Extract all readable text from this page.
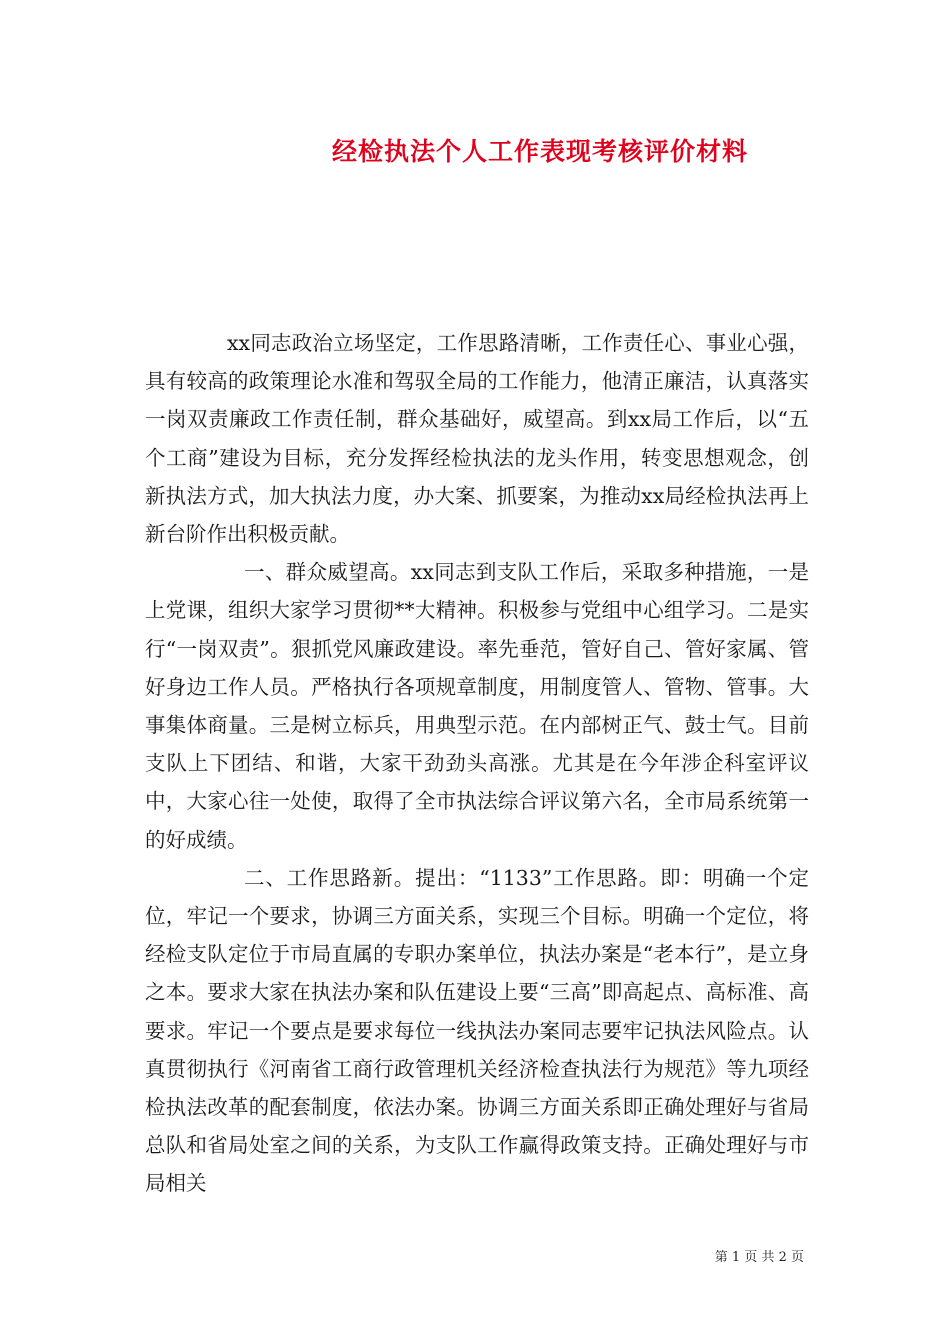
经检执法个人工作表现考核评价材料

xx同志政治立场坚定，工作思路清晰，工作责任心、事业心强，具有较高的政策理论水准和驾驭全局的工作能力，他清正廉洁，认真落实一岗双责廉政工作责任制，群众基础好，威望高。到xx局工作后，以“五个工商”建设为目标，充分发挥经检执法的龙头作用，转变思想观念，创新执法方式，加大执法力度，办大案、抓要案，为推动xx局经检执法再上新台阶作出积极贡献。

一、群众威望高。xx同志到支队工作后，采取多种措施，一是上党课，组织大家学习贯彻**大精神。积极参与党组中心组学习。二是实行“一岗双责”。狠抓党风廉政建设。率先垂范，管好自己、管好家属、管好身边工作人员。严格执行各项规章制度，用制度管人、管物、管事。大事集体商量。三是树立标兵，用典型示范。在内部树正气、鼓士气。目前支队上下团结、和谐，大家干劲劲头高涨。尤其是在今年涉企科室评议中，大家心往一处使，取得了全市执法综合评议第六名，全市局系统第一的好成绩。

二、工作思路新。提出：“1133”工作思路。即：明确一个定位，牢记一个要求，协调三方面关系，实现三个目标。明确一个定位，将经检支队定位于市局直属的专职办案单位，执法办案是“老本行”，是立身之本。要求大家在执法办案和队伍建设上要“三高”即高起点、高标准、高要求。牢记一个要点是要求每位一线执法办案同志要牢记执法风险点。认真贯彻执行《河南省工商行政管理机关经济检查执法行为规范》等九项经检执法改革的配套制度，依法办案。协调三方面关系即正确处理好与省局总队和省局处室之间的关系，为支队工作赢得政策支持。正确处理好与市局相关

第 1 页 共 2 页
